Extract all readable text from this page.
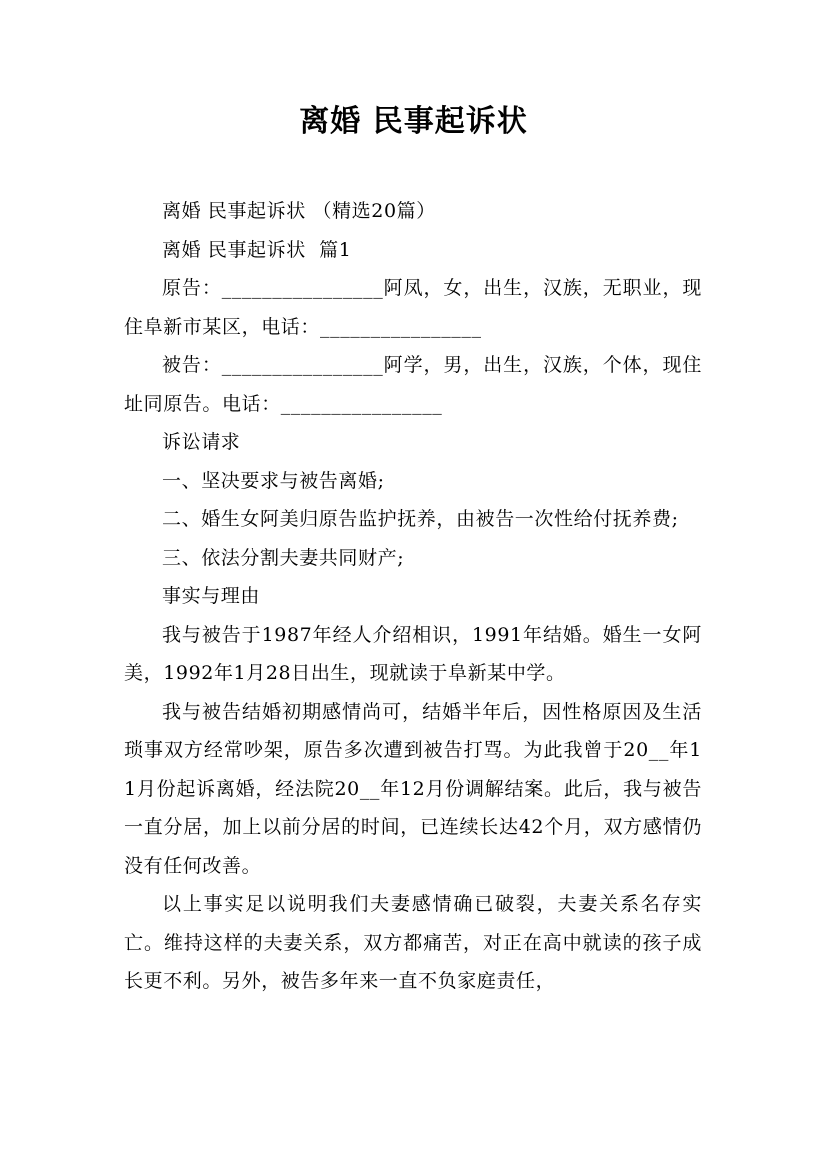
离婚 民事起诉状

离婚 民事起诉状 （精选20篇）

离婚 民事起诉状  篇1

原告：________________阿凤，女，出生，汉族，无职业，现住阜新市某区，电话：________________

被告：________________阿学，男，出生，汉族，个体，现住址同原告。电话：________________

诉讼请求

一、坚决要求与被告离婚;

二、婚生女阿美归原告监护抚养，由被告一次性给付抚养费;

三、依法分割夫妻共同财产;

事实与理由

我与被告于1987年经人介绍相识，1991年结婚。婚生一女阿美，1992年1月28日出生，现就读于阜新某中学。

我与被告结婚初期感情尚可，结婚半年后，因性格原因及生活琐事双方经常吵架，原告多次遭到被告打骂。为此我曾于20__年11月份起诉离婚，经法院20__年12月份调解结案。此后，我与被告一直分居，加上以前分居的时间，已连续长达42个月，双方感情仍没有任何改善。

以上事实足以说明我们夫妻感情确已破裂，夫妻关系名存实亡。维持这样的夫妻关系，双方都痛苦，对正在高中就读的孩子成长更不利。另外，被告多年来一直不负家庭责任，
